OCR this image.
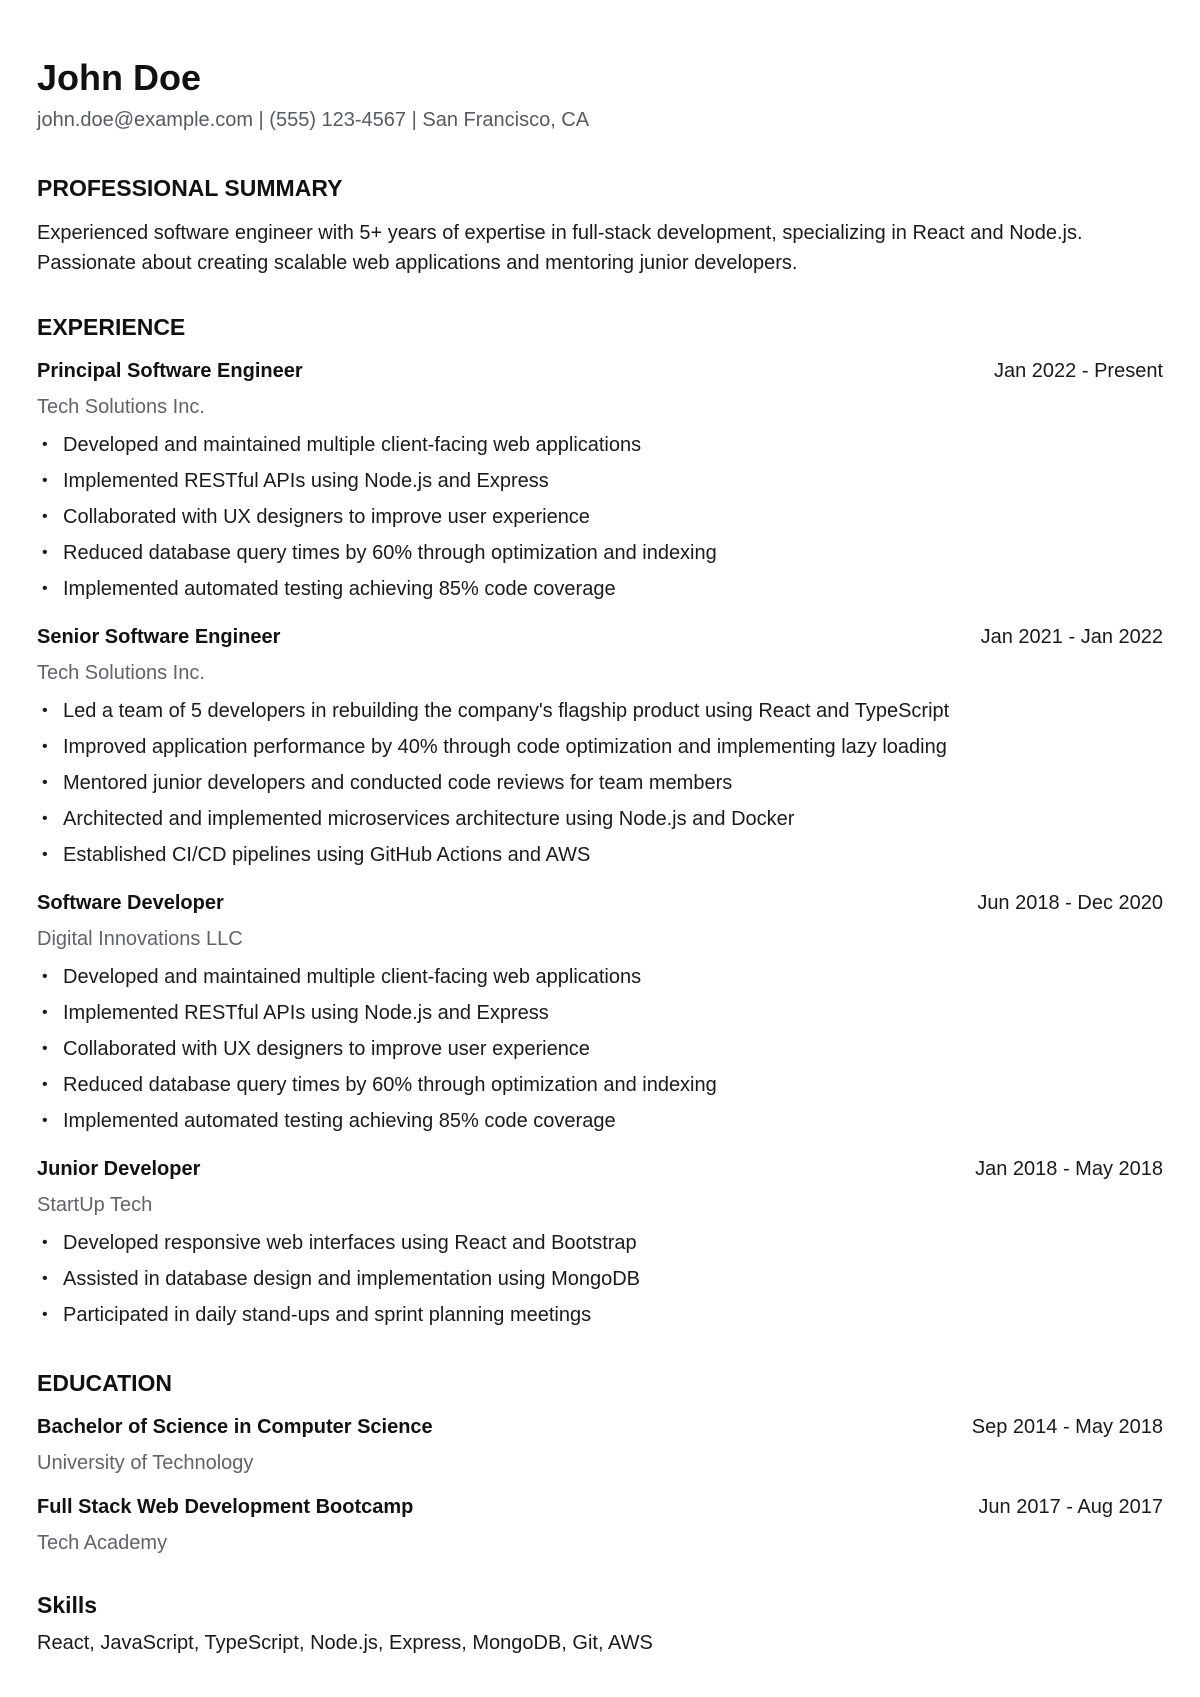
John Doe
john.doe@example.com | (555) 123-4567 | San Francisco, CA
PROFESSIONAL SUMMARY
Experienced software engineer with 5+ years of expertise in full-stack development, specializing in React and Node.js. Passionate about creating scalable web applications and mentoring junior developers.
EXPERIENCE
Principal Software Engineer	Jan 2022 - Present
Tech Solutions Inc.
• Developed and maintained multiple client-facing web applications
• Implemented RESTful APIs using Node.js and Express
• Collaborated with UX designers to improve user experience
• Reduced database query times by 60% through optimization and indexing
• Implemented automated testing achieving 85% code coverage
Senior Software Engineer	Jan 2021 - Jan 2022
Tech Solutions Inc.
• Led a team of 5 developers in rebuilding the company's flagship product using React and TypeScript
• Improved application performance by 40% through code optimization and implementing lazy loading
• Mentored junior developers and conducted code reviews for team members
• Architected and implemented microservices architecture using Node.js and Docker
• Established CI/CD pipelines using GitHub Actions and AWS
Software Developer	Jun 2018 - Dec 2020
Digital Innovations LLC
• Developed and maintained multiple client-facing web applications
• Implemented RESTful APIs using Node.js and Express
• Collaborated with UX designers to improve user experience
• Reduced database query times by 60% through optimization and indexing
• Implemented automated testing achieving 85% code coverage
Junior Developer	Jan 2018 - May 2018
StartUp Tech
• Developed responsive web interfaces using React and Bootstrap
• Assisted in database design and implementation using MongoDB
• Participated in daily stand-ups and sprint planning meetings
EDUCATION
Bachelor of Science in Computer Science	Sep 2014 - May 2018
University of Technology
Full Stack Web Development Bootcamp	Jun 2017 - Aug 2017
Tech Academy
Skills
React, JavaScript, TypeScript, Node.js, Express, MongoDB, Git, AWS
